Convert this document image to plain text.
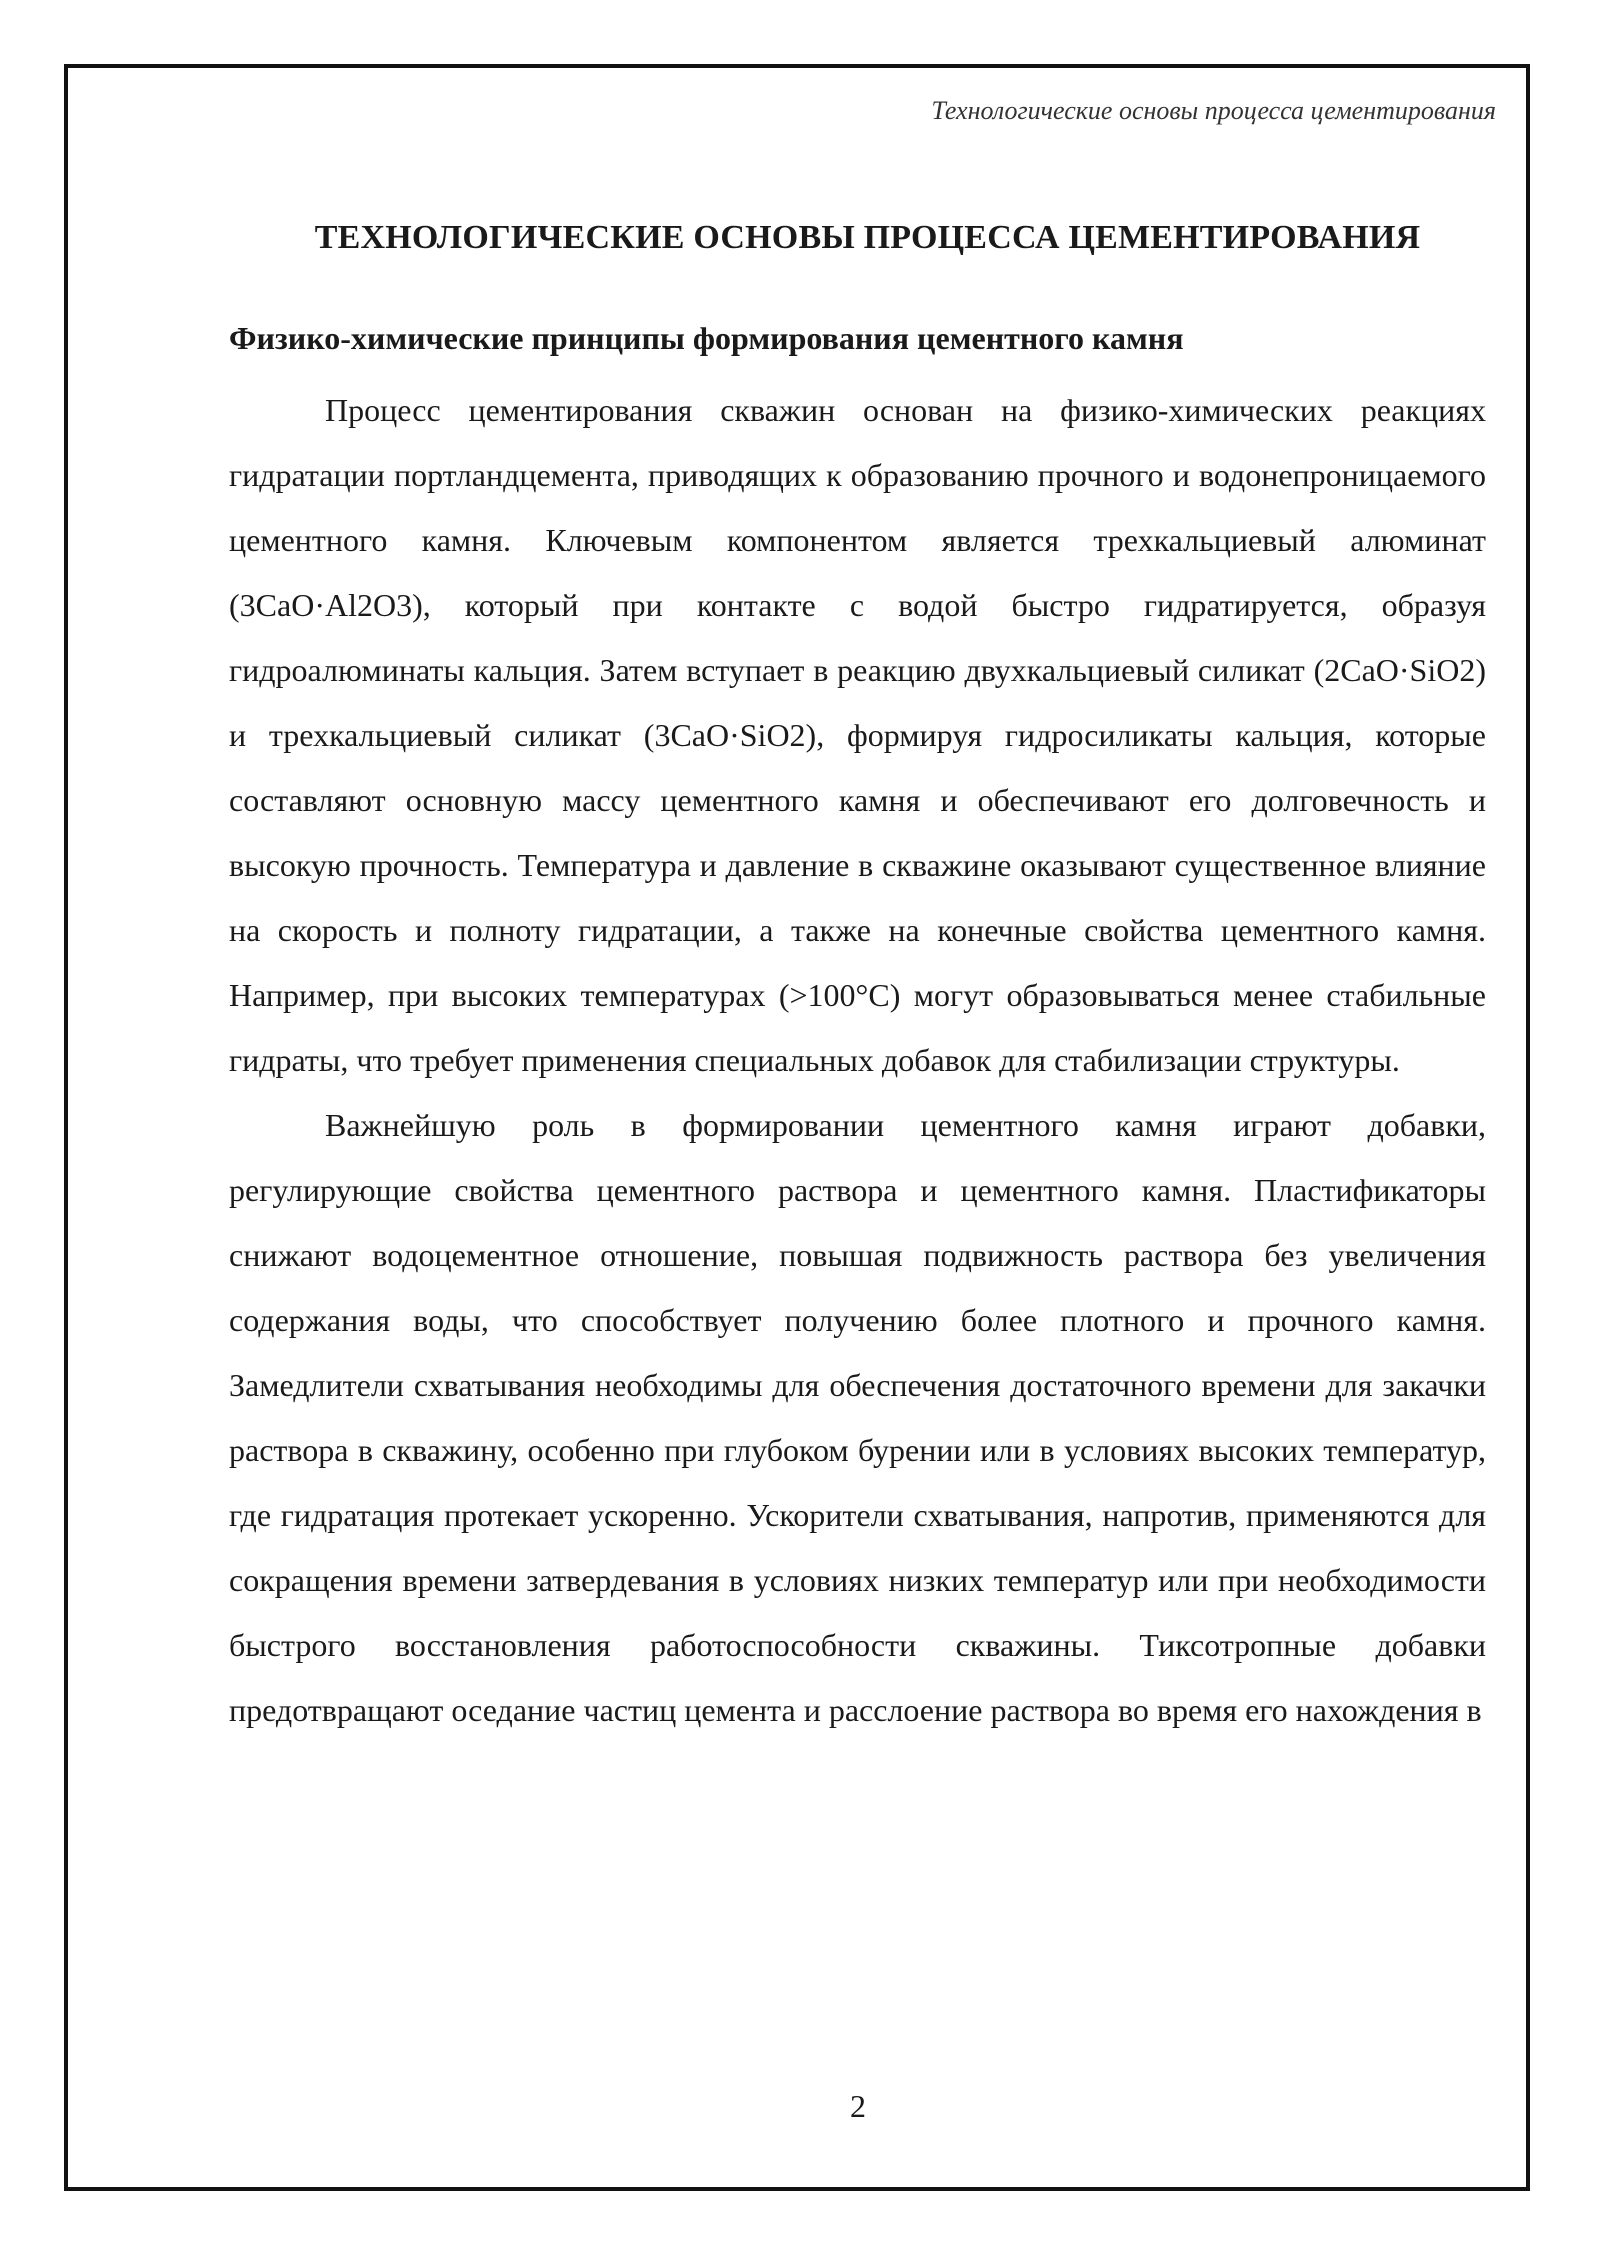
Технологические основы процесса цементирования
ТЕХНОЛОГИЧЕСКИЕ ОСНОВЫ ПРОЦЕССА ЦЕМЕНТИРОВАНИЯ
Физико-химические принципы формирования цементного камня

Процесс цементирования скважин основан на физико-химических реакциях гидратации портландцемента, приводящих к образованию прочного и водонепроницаемого цементного камня. Ключевым компонентом является трехкальциевый алюминат (3CaO·Al2O3), который при контакте с водой быстро гидратируется, образуя гидроалюминаты кальция. Затем вступает в реакцию двухкальциевый силикат (2CaO·SiO2) и трехкальциевый силикат (3CaO·SiO2), формируя гидросиликаты кальция, которые составляют основную массу цементного камня и обеспечивают его долговечность и высокую прочность. Температура и давление в скважине оказывают существенное влияние на скорость и полноту гидратации, а также на конечные свойства цементного камня. Например, при высоких температурах (>100°C) могут образовываться менее стабильные гидраты, что требует применения специальных добавок для стабилизации структуры.

Важнейшую роль в формировании цементного камня играют добавки, регулирующие свойства цементного раствора и цементного камня. Пластификаторы снижают водоцементное отношение, повышая подвижность раствора без увеличения содержания воды, что способствует получению более плотного и прочного камня. Замедлители схватывания необходимы для обеспечения достаточного времени для закачки раствора в скважину, особенно при глубоком бурении или в условиях высоких температур, где гидратация протекает ускоренно. Ускорители схватывания, напротив, применяются для сокращения времени затвердевания в условиях низких температур или при необходимости быстрого восстановления работоспособности скважины. Тиксотропные добавки предотвращают оседание частиц цемента и расслоение раствора во время его нахождения в

2
